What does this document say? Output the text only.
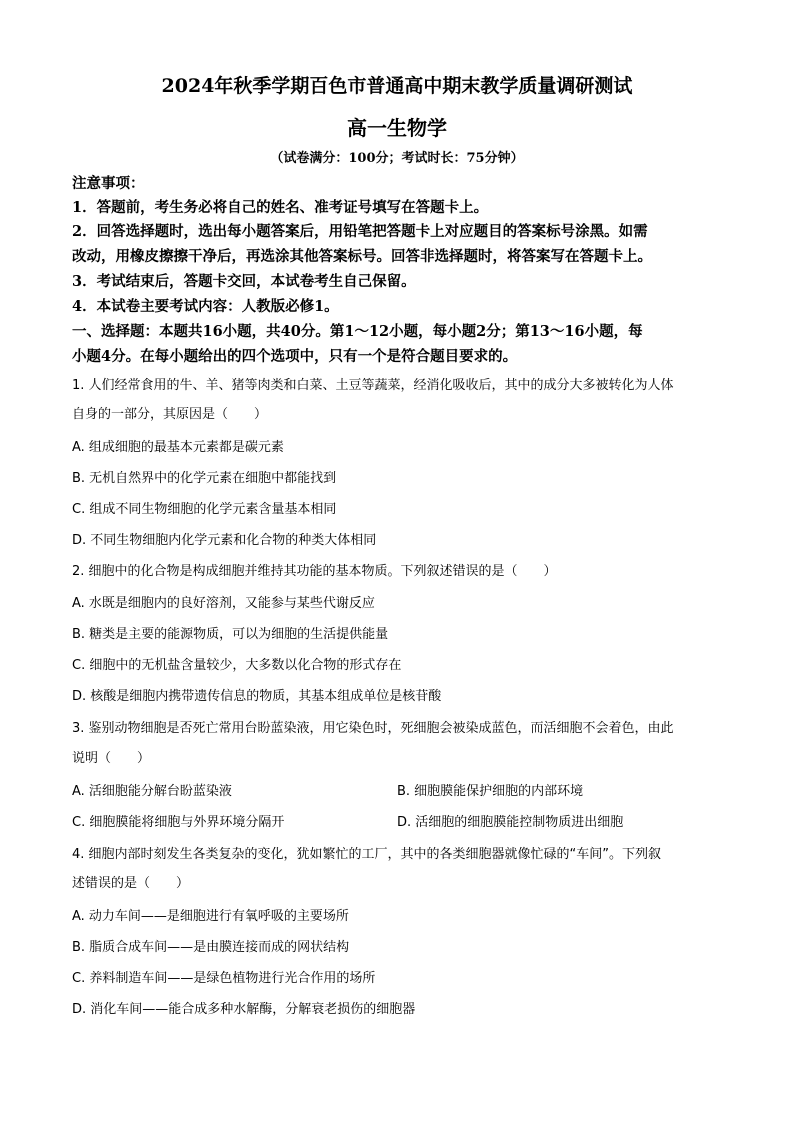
2024年秋季学期百色市普通高中期末教学质量调研测试
高一生物学
（试卷满分：100分；考试时长：75分钟）
注意事项：
1．答题前，考生务必将自己的姓名、准考证号填写在答题卡上。
2．回答选择题时，选出每小题答案后，用铅笔把答题卡上对应题目的答案标号涂黑。如需
改动，用橡皮擦擦干净后，再选涂其他答案标号。回答非选择题时，将答案写在答题卡上。
3．考试结束后，答题卡交回，本试卷考生自己保留。
4．本试卷主要考试内容：人教版必修1。
一、选择题：本题共16小题，共40分。第1～12小题，每小题2分；第13～16小题，每
小题4分。在每小题给出的四个选项中，只有一个是符合题目要求的。
1. 人们经常食用的牛、羊、猪等肉类和白菜、土豆等蔬菜，经消化吸收后，其中的成分大多被转化为人体
自身的一部分，其原因是（　　）
A. 组成细胞的最基本元素都是碳元素
B. 无机自然界中的化学元素在细胞中都能找到
C. 组成不同生物细胞的化学元素含量基本相同
D. 不同生物细胞内化学元素和化合物的种类大体相同
2. 细胞中的化合物是构成细胞并维持其功能的基本物质。下列叙述错误的是（　　）
A. 水既是细胞内的良好溶剂，又能参与某些代谢反应
B. 糖类是主要的能源物质，可以为细胞的生活提供能量
C. 细胞中的无机盐含量较少，大多数以化合物的形式存在
D. 核酸是细胞内携带遗传信息的物质，其基本组成单位是核苷酸
3. 鉴别动物细胞是否死亡常用台盼蓝染液，用它染色时，死细胞会被染成蓝色，而活细胞不会着色，由此
说明（　　）
A. 活细胞能分解台盼蓝染液	B. 细胞膜能保护细胞的内部环境
C. 细胞膜能将细胞与外界环境分隔开	D. 活细胞的细胞膜能控制物质进出细胞
4. 细胞内部时刻发生各类复杂的变化，犹如繁忙的工厂，其中的各类细胞器就像忙碌的“车间”。下列叙
述错误的是（　　）
A. 动力车间——是细胞进行有氧呼吸的主要场所
B. 脂质合成车间——是由膜连接而成的网状结构
C. 养料制造车间——是绿色植物进行光合作用的场所
D. 消化车间——能合成多种水解酶，分解衰老损伤的细胞器
